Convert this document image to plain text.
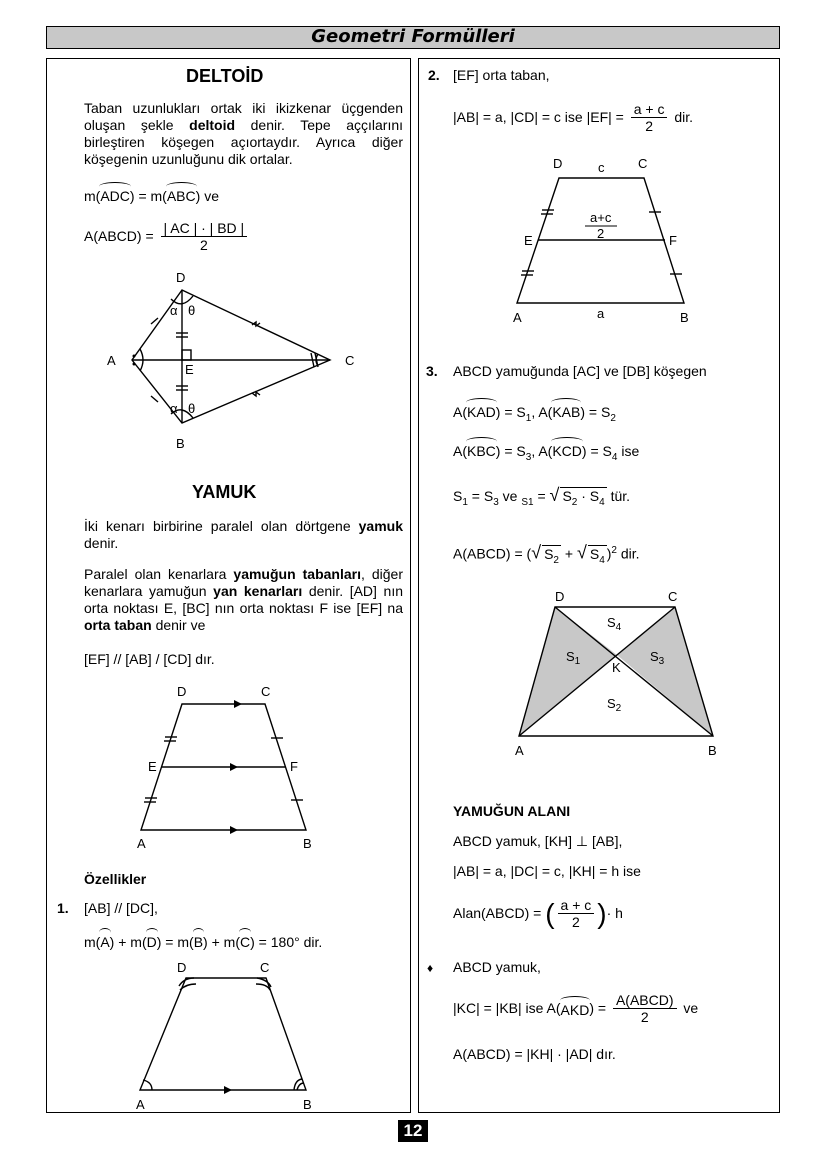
Geometri Formülleri
DELTOİD
Taban uzunlukları ortak iki ikizkenar üçgenden oluşan şekle deltoid denir. Tepe aççılarını birleştiren köşegen açıortaydır. Ayrıca diğer köşegenin uzunluğunu dik ortalar.
m(ADC) = m(ABC) ve
A(ABCD) = $\frac{| AC | \cdot | BD |}{2}$
D
A	C
B
E
α θ
α θ
YAMUK
İki kenarı birbirine paralel olan dörtgene yamuk denir.
Paralel olan kenarlara yamuğun tabanları, diğer kenarlara yamuğun yan kenarları denir. [AD] nın orta noktası E, [BC] nın orta noktası F ise [EF] na orta taban denir ve
[EF] // [AB] / [CD] dır.
D	C
E	F
A	B
Özellikler
1. [AB] // [DC],
m(A) + m(D) = m(B) + m(C) = 180° dir.
D	C
A	B
2. [EF] orta taban,
|AB| = a, |CD| = c ise $|EF| = \frac{a + c}{2}$ dir.
D	c	C
a+c
2
E	F
A	a	B
3. ABCD yamuğunda [AC] ve [DB] köşegen
$A(KAD) = S_1$, $A(KAB) = S_2$
$A(KBC) = S_3$, $A(KCD) = S_4$ ise
$S_1 = S_3$ ve $_{S1}$ = √ $S_2 \cdot S_4$ tür.
A(ABCD) = (√ $S_2$ + √ $S_4$ )$^2$ dir.
D	C
A	B
K
$S_4$
$S_1$	$S_3$
$S_2$
YAMUĞUN ALANI
ABCD yamuk, [KH] ⊥ [AB],
|AB| = a, |DC| = c, |KH| = h ise
Alan(ABCD) = ( $\frac{a + c}{2}$ )· h
♦ ABCD yamuk,
|KC| = |KB| ise $A(AKD) = \frac{\text{A(ABCD)}}{2}$ ve
A(ABCD) = |KH| · |AD| dır.
12
